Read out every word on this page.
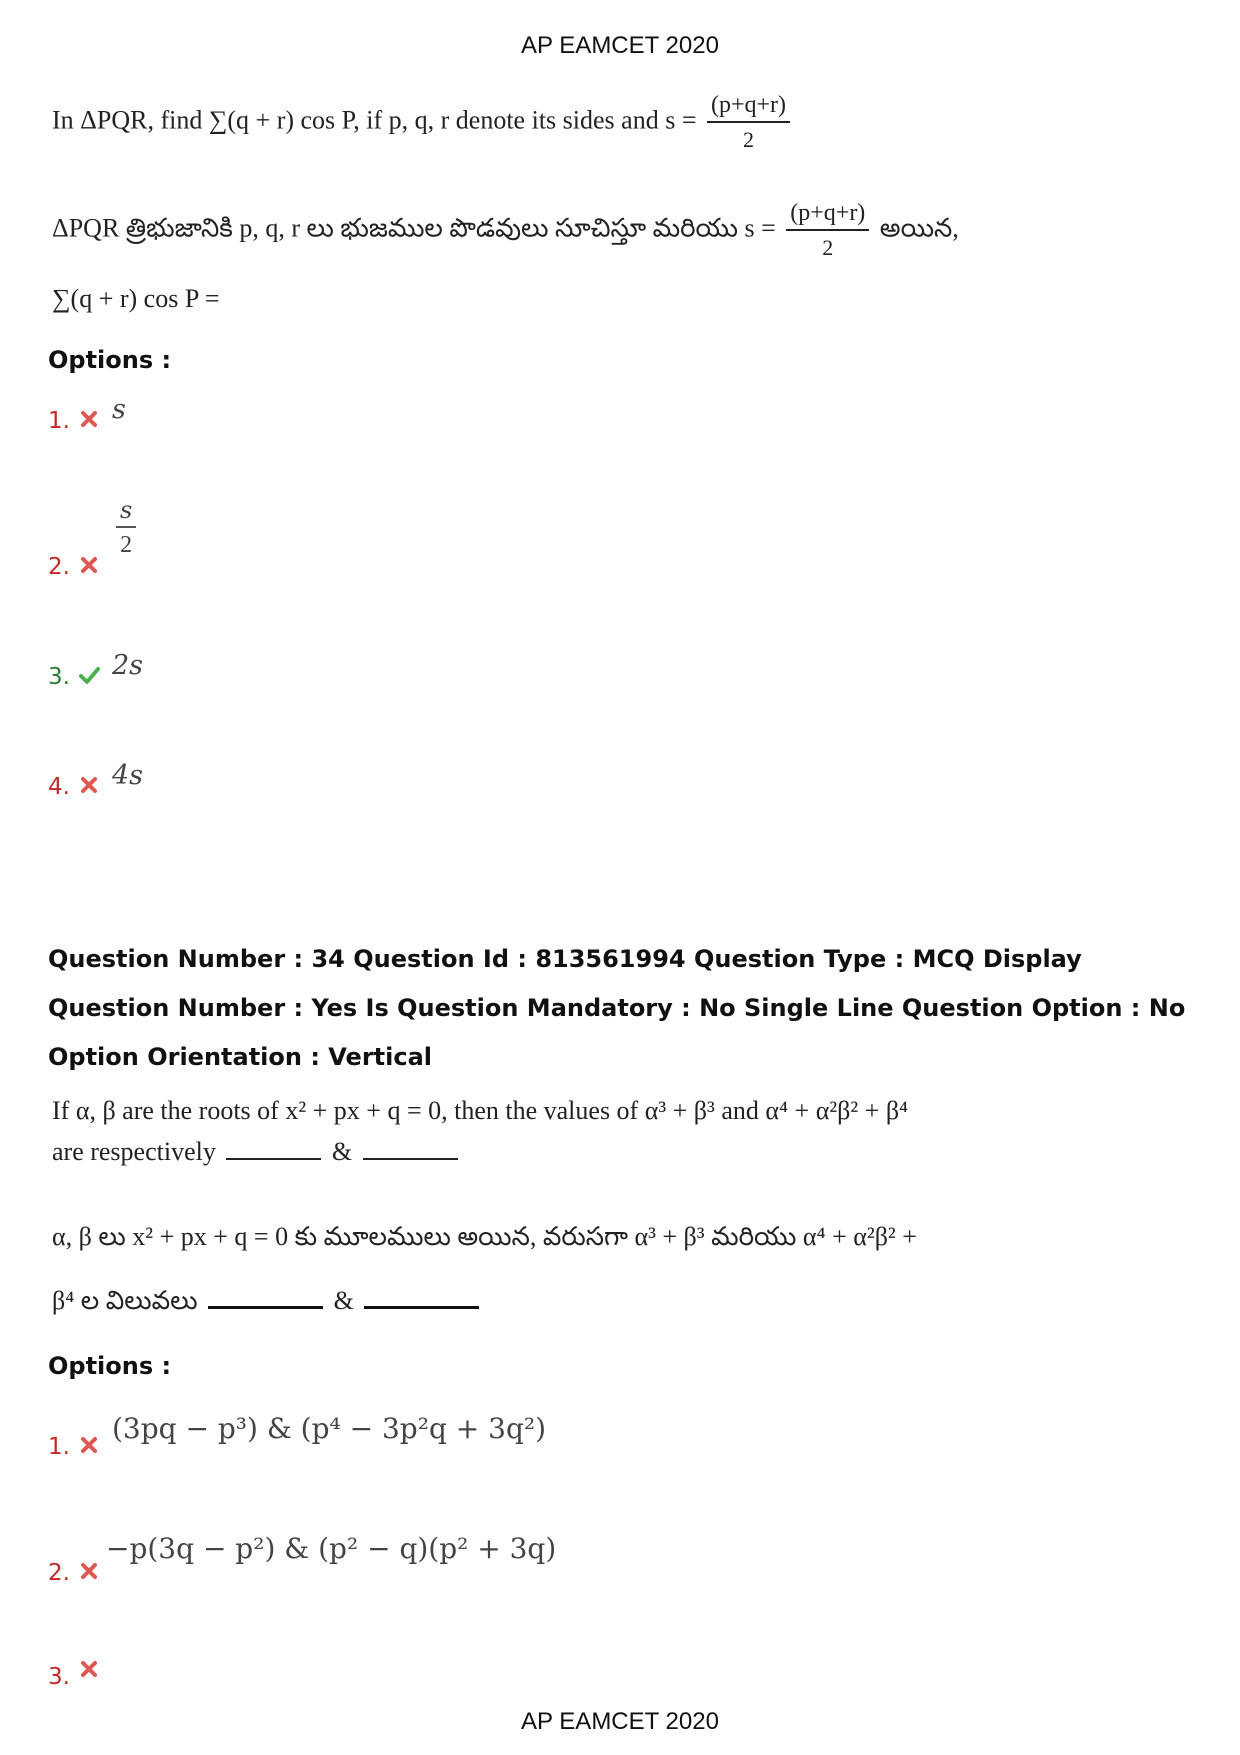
AP EAMCET 2020
In ΔPQR, find ∑(q + r) cos P, if p, q, r denote its sides and $s = \frac{(p+q+r)}{2}$
ΔPQR త్రిభుజానికి p, q, r లు భుజముల పొడవులు సూచిస్తూ మరియు $s = \frac{(p+q+r)}{2}$ అయిన,
∑(q + r) cos P =
Options :
1. s
2.
$\frac{s}{2}$
3. 2s
4. 4s
Question Number : 34 Question Id : 813561994 Question Type : MCQ Display Question Number : Yes Is Question Mandatory : No Single Line Question Option : No Option Orientation : Vertical
If α, β are the roots of x² + px + q = 0, then the values of α³ + β³ and α⁴ + α²β² + β⁴
are respectively	&
α, β లు x² + px + q = 0 కు మూలములు అయిన, వరుసగా α³ + β³ మరియు α⁴ + α²β² +
β⁴ ల విలువలు	&
Options :
1.
(3pq − p³) & (p⁴ − 3p²q + 3q²)
2.
−p(3q − p²) & (p² − q)(p² + 3q)
3.
AP EAMCET 2020
